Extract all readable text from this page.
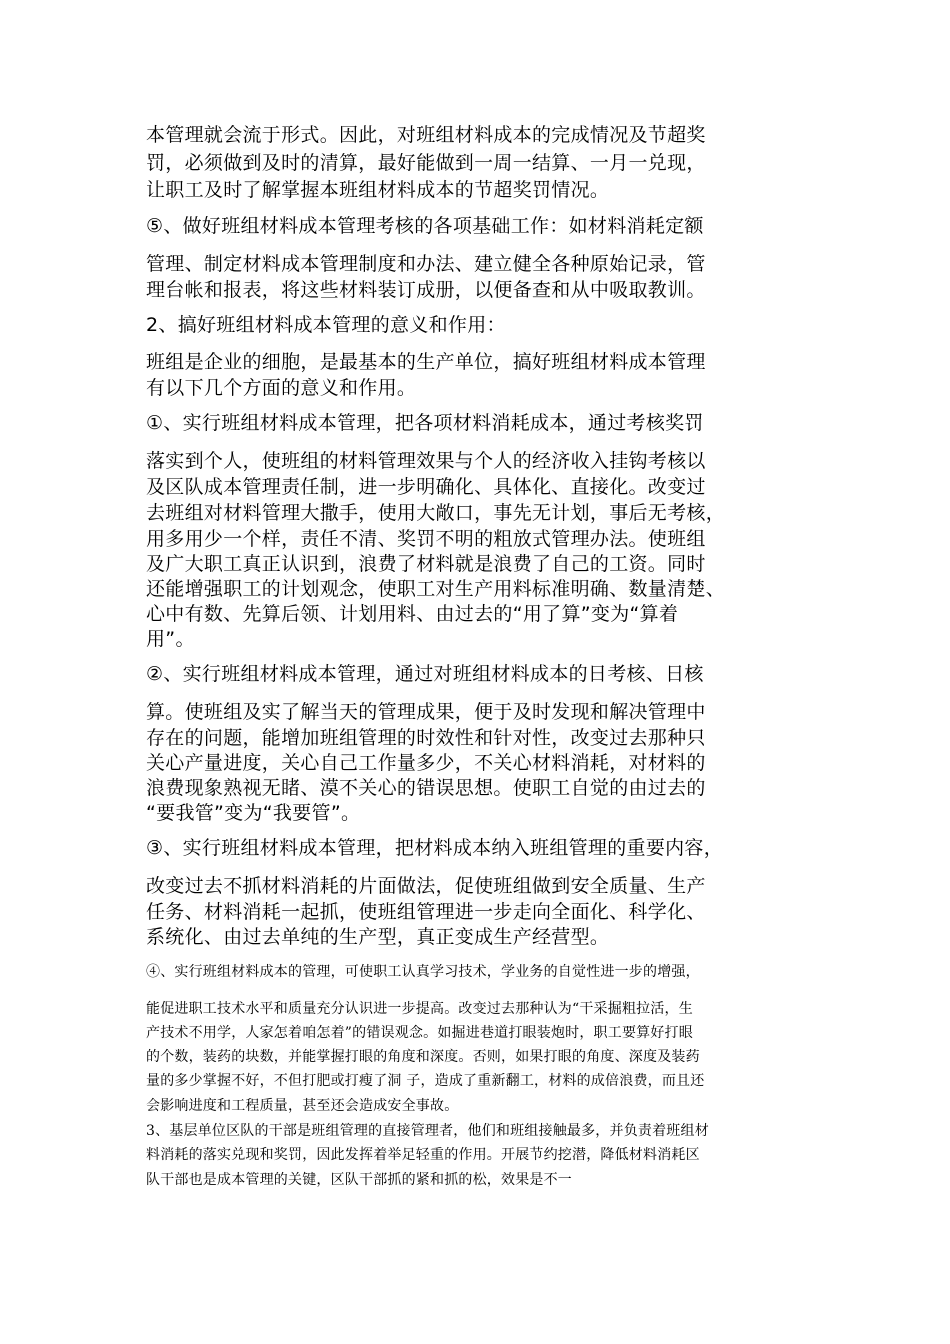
本管理就会流于形式。因此，对班组材料成本的完成情况及节超奖

罚，必须做到及时的清算，最好能做到一周一结算、一月一兑现，

让职工及时了解掌握本班组材料成本的节超奖罚情况。

⑤、做好班组材料成本管理考核的各项基础工作：如材料消耗定额

管理、制定材料成本管理制度和办法、建立健全各种原始记录，管

理台帐和报表，将这些材料装订成册，以便备查和从中吸取教训。

2、搞好班组材料成本管理的意义和作用：

班组是企业的细胞，是最基本的生产单位，搞好班组材料成本管理

有以下几个方面的意义和作用。

①、实行班组材料成本管理，把各项材料消耗成本，通过考核奖罚

落实到个人，使班组的材料管理效果与个人的经济收入挂钩考核以

及区队成本管理责任制，进一步明确化、具体化、直接化。改变过

去班组对材料管理大撒手，使用大敞口，事先无计划，事后无考核，

用多用少一个样，责任不清、奖罚不明的粗放式管理办法。使班组

及广大职工真正认识到，浪费了材料就是浪费了自己的工资。同时

还能增强职工的计划观念，使职工对生产用料标准明确、数量清楚、

心中有数、先算后领、计划用料、由过去的“用了算”变为“算着

用”。

②、实行班组材料成本管理，通过对班组材料成本的日考核、日核

算。使班组及实了解当天的管理成果，便于及时发现和解决管理中

存在的问题，能增加班组管理的时效性和针对性，改变过去那种只

关心产量进度，关心自己工作量多少，不关心材料消耗，对材料的

浪费现象熟视无睹、漠不关心的错误思想。使职工自觉的由过去的

“要我管”变为“我要管”。

③、实行班组材料成本管理，把材料成本纳入班组管理的重要内容，

改变过去不抓材料消耗的片面做法，促使班组做到安全质量、生产

任务、材料消耗一起抓，使班组管理进一步走向全面化、科学化、

系统化、由过去单纯的生产型，真正变成生产经营型。

④、实行班组材料成本的管理，可使职工认真学习技术，学业务的自觉性进一步的增强，

能促进职工技术水平和质量充分认识进一步提高。改变过去那种认为“干采掘粗拉活，生

产技术不用学，人家怎着咱怎着”的错误观念。如掘进巷道打眼装炮时，职工要算好打眼

的个数，装药的块数，并能掌握打眼的角度和深度。否则，如果打眼的角度、深度及装药

量的多少掌握不好，不但打肥或打瘦了洞 子，造成了重新翻工，材料的成倍浪费，而且还

会影响进度和工程质量，甚至还会造成安全事故。

3、基层单位区队的干部是班组管理的直接管理者，他们和班组接触最多，并负责着班组材

料消耗的落实兑现和奖罚，因此发挥着举足轻重的作用。开展节约挖潜，降低材料消耗区

队干部也是成本管理的关键，区队干部抓的紧和抓的松，效果是不一
